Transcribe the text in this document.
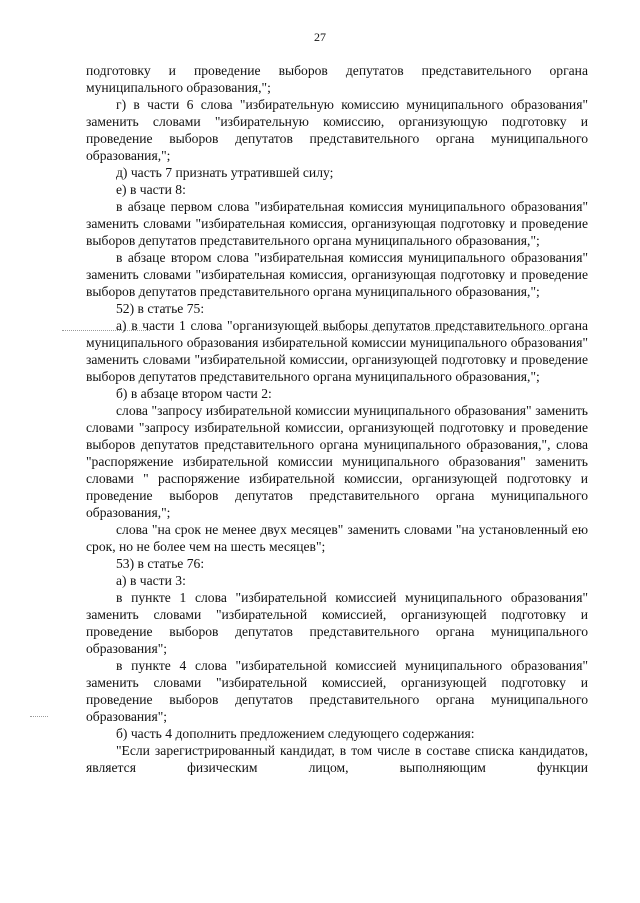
27

подготовку и проведение выборов депутатов представительного органа муниципального образования,";

г) в части 6 слова "избирательную комиссию муниципального образования" заменить словами "избирательную комиссию, организующую подготовку и проведение выборов депутатов представительного органа муниципального образования,";

д) часть 7 признать утратившей силу;

е) в части 8:

в абзаце первом слова "избирательная комиссия муниципального образования" заменить словами "избирательная комиссия, организующая подготовку и проведение выборов депутатов представительного органа муниципального образования,";

в абзаце втором слова "избирательная комиссия муниципального образования" заменить словами "избирательная комиссия, организующая подготовку и проведение выборов депутатов представительного органа муниципального образования,";

52) в статье 75:

а) в части 1 слова "организующей выборы депутатов представительного органа муниципального образования избирательной комиссии муниципального образования" заменить словами "избирательной комиссии, организующей подготовку и проведение выборов депутатов представительного органа муниципального образования,";

б) в абзаце втором части 2:

слова "запросу избирательной комиссии муниципального образования" заменить словами "запросу избирательной комиссии, организующей подготовку и проведение выборов депутатов представительного органа муниципального образования,", слова "распоряжение избирательной комиссии муниципального образования" заменить словами " распоряжение избирательной комиссии, организующей подготовку и проведение выборов депутатов представительного органа муниципального образования,";

слова "на срок не менее двух месяцев" заменить словами "на установленный ею срок, но не более чем на шесть месяцев";

53) в статье 76:

а) в части 3:

в пункте 1 слова "избирательной комиссией муниципального образования" заменить словами "избирательной комиссией, организующей подготовку и проведение выборов депутатов представительного органа муниципального образования";

в пункте 4 слова "избирательной комиссией муниципального образования" заменить словами "избирательной комиссией, организующей подготовку и проведение выборов депутатов представительного органа муниципального образования";

б) часть 4 дополнить предложением следующего содержания:

"Если зарегистрированный кандидат, в том числе в составе списка кандидатов, является физическим лицом, выполняющим функции
